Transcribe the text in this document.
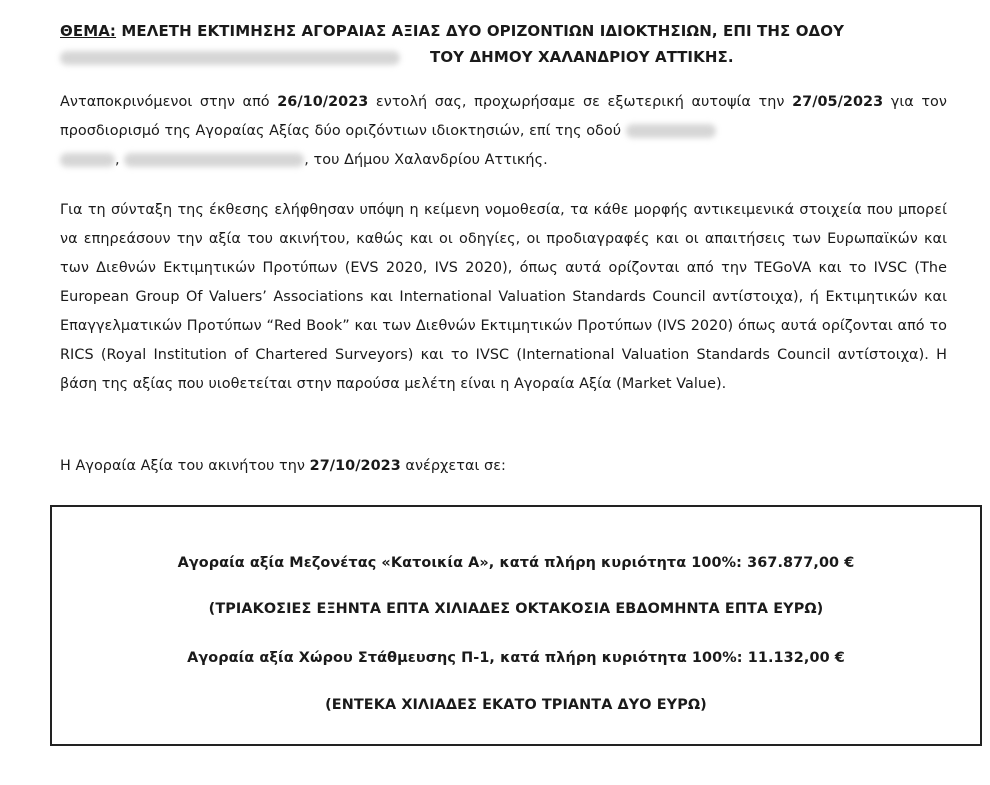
ΘΕΜΑ: ΜΕΛΕΤΗ ΕΚΤΙΜΗΣΗΣ ΑΓΟΡΑΙΑΣ ΑΞΙΑΣ ΔΥΟ ΟΡΙΖΟΝΤΙΩΝ ΙΔΙΟΚΤΗΣΙΩΝ, ΕΠΙ ΤΗΣ ΟΔΟΥ
ΤΟΥ ΔΗΜΟΥ ΧΑΛΑΝΔΡΙΟΥ ΑΤΤΙΚΗΣ.
Ανταποκρινόμενοι στην από 26/10/2023 εντολή σας, προχωρήσαμε σε εξωτερική αυτοψία την 27/05/2023 για τον προσδιορισμό της Αγοραίας Αξίας δύο οριζόντιων ιδιοκτησιών, επί της οδού
,	, του Δήμου Χαλανδρίου Αττικής.
Για τη σύνταξη της έκθεσης ελήφθησαν υπόψη η κείμενη νομοθεσία, τα κάθε μορφής αντικειμενικά στοιχεία που μπορεί να επηρεάσουν την αξία του ακινήτου, καθώς και οι οδηγίες, οι προδιαγραφές και οι απαιτήσεις των Ευρωπαϊκών και των Διεθνών Εκτιμητικών Προτύπων (EVS 2020, IVS 2020), όπως αυτά ορίζονται από την TEGoVA και το IVSC (The European Group Of Valuers’ Associations και International Valuation Standards Council αντίστοιχα), ή Εκτιμητικών και Επαγγελματικών Προτύπων “Red Book” και των Διεθνών Εκτιμητικών Προτύπων (IVS 2020) όπως αυτά ορίζονται από το RICS (Royal Institution of Chartered Surveyors) και το IVSC (International Valuation Standards Council αντίστοιχα). Η βάση της αξίας που υιοθετείται στην παρούσα μελέτη είναι η Αγοραία Αξία (Market Value).
Η Αγοραία Αξία του ακινήτου την 27/10/2023 ανέρχεται σε:
Αγοραία αξία Μεζονέτας «Κατοικία Α», κατά πλήρη κυριότητα 100%: 367.877,00 €
(ΤΡΙΑΚΟΣΙΕΣ ΕΞΗΝΤΑ ΕΠΤΑ ΧΙΛΙΑΔΕΣ ΟΚΤΑΚΟΣΙΑ ΕΒΔΟΜΗΝΤΑ ΕΠΤΑ ΕΥΡΩ)
Αγοραία αξία Χώρου Στάθμευσης Π-1, κατά πλήρη κυριότητα 100%: 11.132,00 €
(ΕΝΤΕΚΑ ΧΙΛΙΑΔΕΣ ΕΚΑΤΟ ΤΡΙΑΝΤΑ ΔΥΟ ΕΥΡΩ)
